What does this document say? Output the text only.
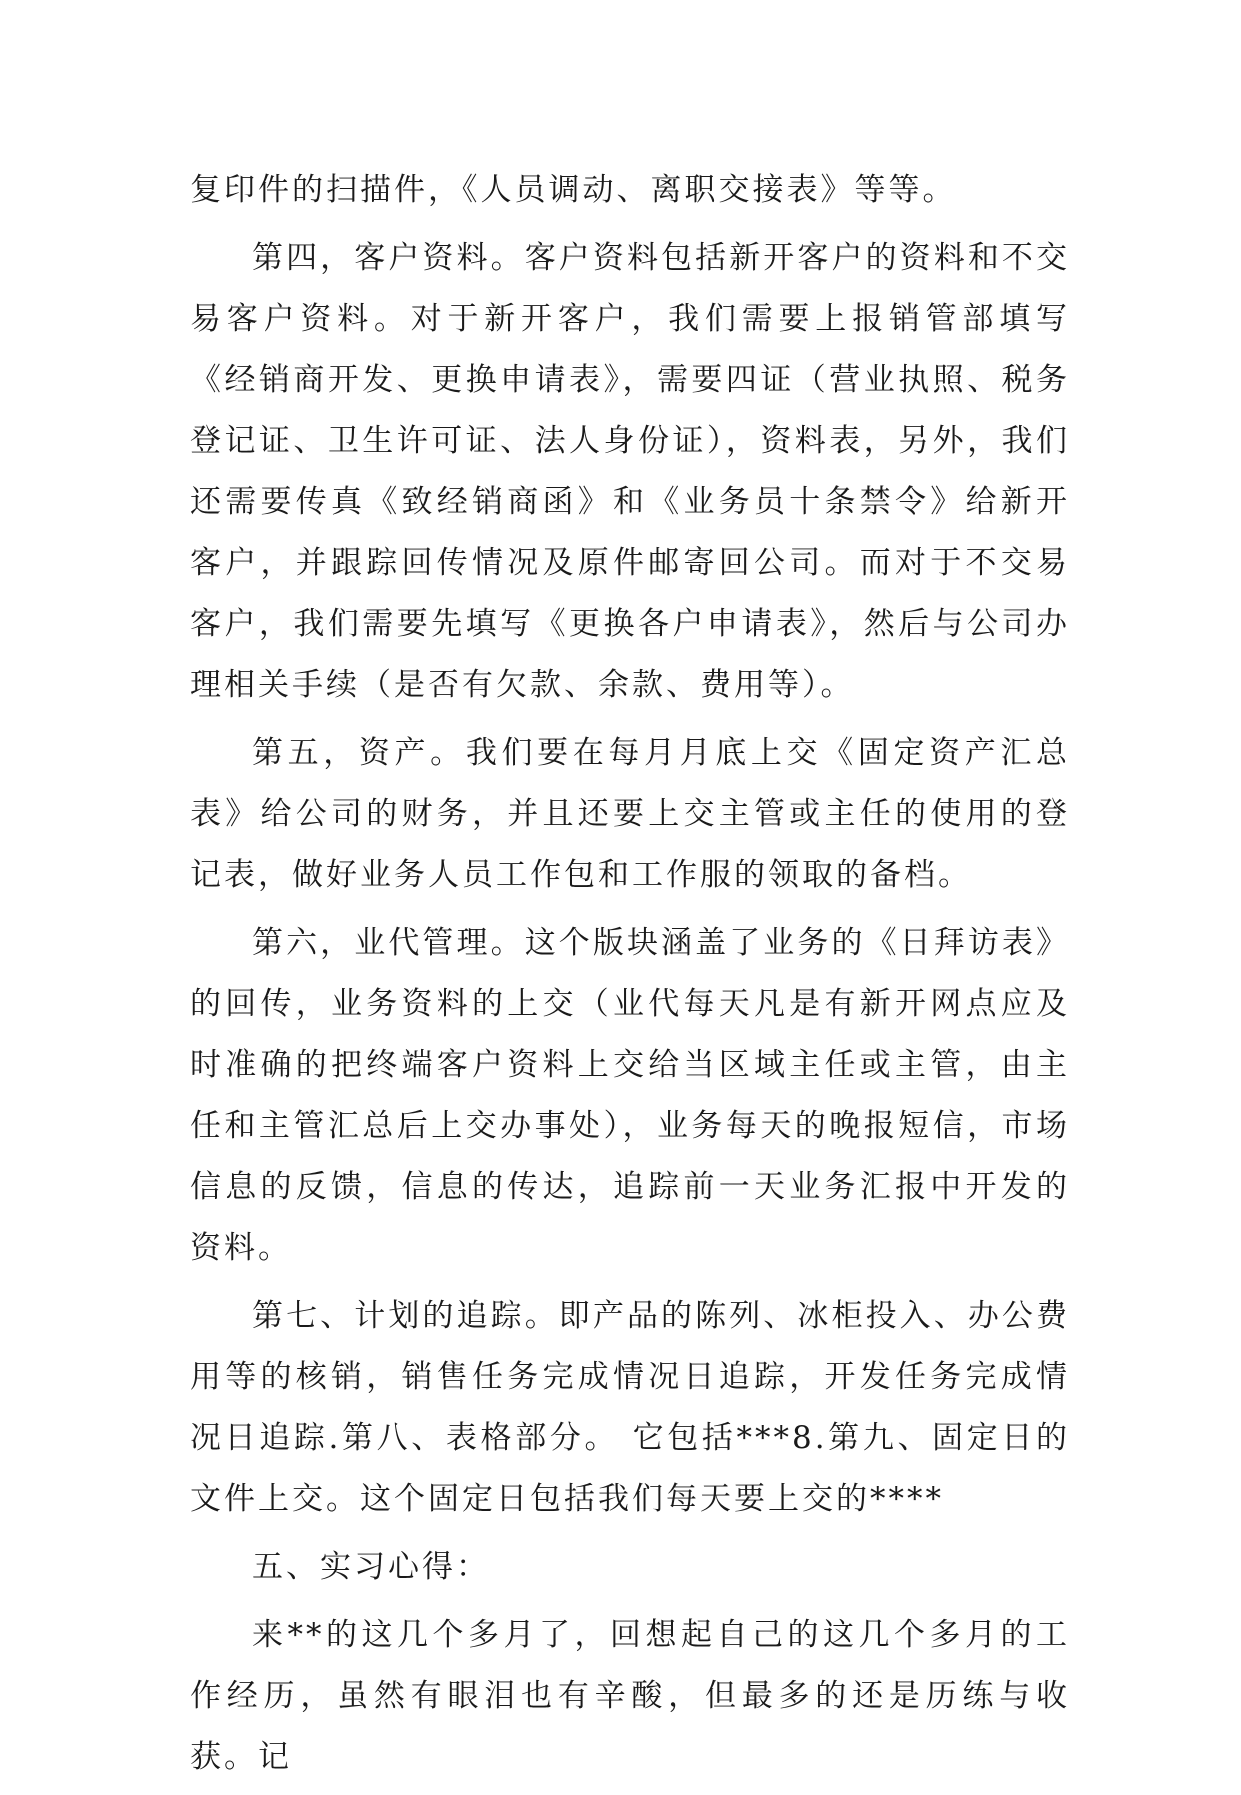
复印件的扫描件，《人员调动、离职交接表》等等。

第四，客户资料。客户资料包括新开客户的资料和不交易客户资料。对于新开客户，我们需要上报销管部填写《经销商开发、更换申请表》，需要四证（营业执照、税务登记证、卫生许可证、法人身份证），资料表，另外，我们还需要传真《致经销商函》和《业务员十条禁令》给新开客户，并跟踪回传情况及原件邮寄回公司。而对于不交易客户，我们需要先填写《更换各户申请表》，然后与公司办理相关手续（是否有欠款、余款、费用等）。

第五，资产。我们要在每月月底上交《固定资产汇总表》给公司的财务，并且还要上交主管或主任的使用的登记表，做好业务人员工作包和工作服的领取的备档。

第六，业代管理。这个版块涵盖了业务的《日拜访表》的回传，业务资料的上交（业代每天凡是有新开网点应及时准确的把终端客户资料上交给当区域主任或主管，由主任和主管汇总后上交办事处），业务每天的晚报短信，市场信息的反馈，信息的传达，追踪前一天业务汇报中开发的资料。

第七、计划的追踪。即产品的陈列、冰柜投入、办公费用等的核销，销售任务完成情况日追踪，开发任务完成情况日追踪.第八、表格部分。 它包括***8.第九、固定日的文件上交。这个固定日包括我们每天要上交的****

五、实习心得：

来**的这几个多月了，回想起自己的这几个多月的工作经历，虽然有眼泪也有辛酸，但最多的还是历练与收获。记
